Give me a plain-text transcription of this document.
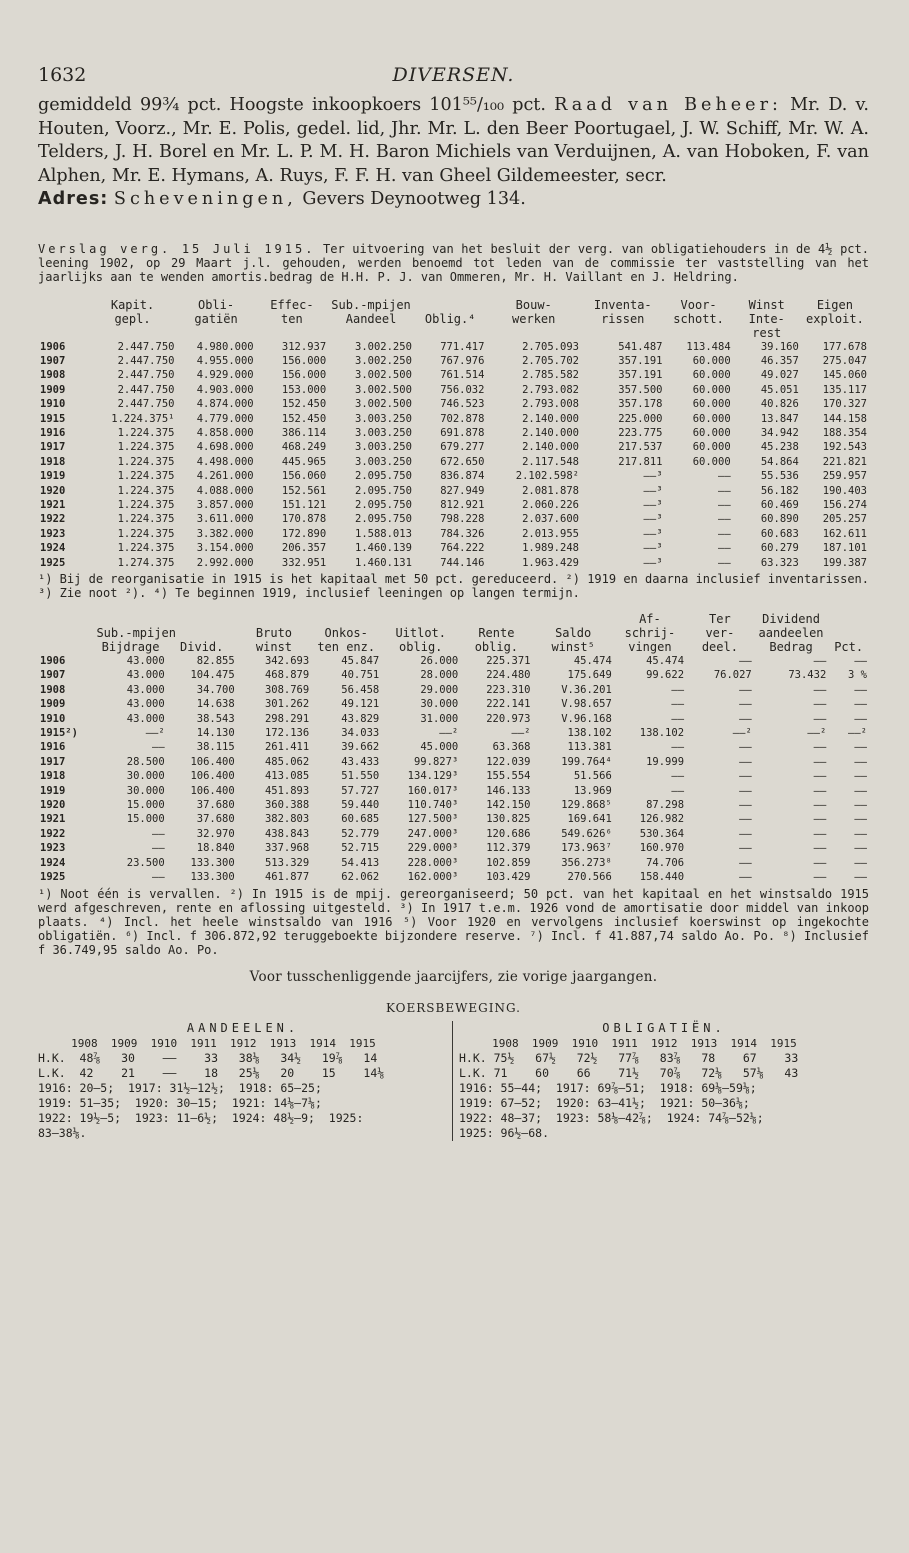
1632	DIVERSEN.

gemiddeld 99¾ pct. Hoogste inkoopkoers 101⁵⁵/₁₀₀ pct. Raad van Beheer: Mr. D. v. Houten, Voorz., Mr. E. Polis, gedel. lid, Jhr. Mr. L. den Beer Poortugael, J. W. Schiff, Mr. W. A. Telders, J. H. Borel en Mr. L. P. M. H. Baron Michiels van Verduijnen, A. van Hoboken, F. van Alphen, Mr. E. Hymans, A. Ruys, F. F. H. van Gheel Gildemeester, secr.

Adres: Scheveningen, Gevers Deynootweg 134.

Verslag verg. 15 Juli 1915. Ter uitvoering van het besluit der verg. van obligatiehouders in de 4½ pct. leening 1902, op 29 Maart j.l. gehouden, werden benoemd tot leden van de commissie ter vaststelling van het jaarlijks aan te wenden amortis.bedrag de H.H. P. J. van Ommeren, Mr. H. Vaillant en J. Heldring.
	Kapit.	Obli-	Effec-	Sub.-mpijen		Bouw-	Inventa-	Voor-	Winst	Eigen
	gepl.	gatiën	ten	Aandeel	Oblig.⁴	werken	rissen	schott.	Inte-	exploit.
									rest	
1906	2.447.750	4.980.000	312.937	3.002.250	771.417	2.705.093	541.487	113.484	39.160	177.678
1907	2.447.750	4.955.000	156.000	3.002.250	767.976	2.705.702	357.191	60.000	46.357	275.047
1908	2.447.750	4.929.000	156.000	3.002.500	761.514	2.785.582	357.191	60.000	49.027	145.060
1909	2.447.750	4.903.000	153.000	3.002.500	756.032	2.793.082	357.500	60.000	45.051	135.117
1910	2.447.750	4.874.000	152.450	3.002.500	746.523	2.793.008	357.178	60.000	40.826	170.327
1915	1.224.375¹	4.779.000	152.450	3.003.250	702.878	2.140.000	225.000	60.000	13.847	144.158
1916	1.224.375	4.858.000	386.114	3.003.250	691.878	2.140.000	223.775	60.000	34.942	188.354
1917	1.224.375	4.698.000	468.249	3.003.250	679.277	2.140.000	217.537	60.000	45.238	192.543
1918	1.224.375	4.498.000	445.965	3.003.250	672.650	2.117.548	217.811	60.000	54.864	221.821
1919	1.224.375	4.261.000	156.060	2.095.750	836.874	2.102.598²	——³	——	55.536	259.957
1920	1.224.375	4.088.000	152.561	2.095.750	827.949	2.081.878	——³	——	56.182	190.403
1921	1.224.375	3.857.000	151.121	2.095.750	812.921	2.060.226	——³	——	60.469	156.274
1922	1.224.375	3.611.000	170.878	2.095.750	798.228	2.037.600	——³	——	60.890	205.257
1923	1.224.375	3.382.000	172.890	1.588.013	784.326	2.013.955	——³	——	60.683	162.611
1924	1.224.375	3.154.000	206.357	1.460.139	764.222	1.989.248	——³	——	60.279	187.101
1925	1.274.375	2.992.000	332.951	1.460.131	744.146	1.963.429	——³	——	63.323	199.387

¹) Bij de reorganisatie in 1915 is het kapitaal met 50 pct. gereduceerd. ²) 1919 en daarna inclusief inventarissen. ³) Zie noot ²). ⁴) Te beginnen 1919, inclusief leeningen op langen termijn.

								Af-	Ter	Dividend	
	Sub.-mpijen		Bruto	Onkos-	Uitlot.	Rente	Saldo	schrij-	ver-	aandeelen	
	Bijdrage	Divid.	winst	ten enz.	oblig.	oblig.	winst⁵	vingen	deel.	Bedrag	Pct.
1906	43.000	82.855	342.693	45.847	26.000	225.371	45.474	45.474	——	——	——
1907	43.000	104.475	468.879	40.751	28.000	224.480	175.649	99.622	76.027	73.432	3 %
1908	43.000	34.700	308.769	56.458	29.000	223.310	V.36.201	——	——	——	——
1909	43.000	14.638	301.262	49.121	30.000	222.141	V.98.657	——	——	——	——
1910	43.000	38.543	298.291	43.829	31.000	220.973	V.96.168	——	——	——	——
1915²)	——²	14.130	172.136	34.033	——²	——²	138.102	138.102	——²	——²	——²
1916	——	38.115	261.411	39.662	45.000	63.368	113.381	——	——	——	——
1917	28.500	106.400	485.062	43.433	99.827³	122.039	199.764⁴	19.999	——	——	——
1918	30.000	106.400	413.085	51.550	134.129³	155.554	51.566	——	——	——	——
1919	30.000	106.400	451.893	57.727	160.017³	146.133	13.969	——	——	——	——
1920	15.000	37.680	360.388	59.440	110.740³	142.150	129.868⁵	87.298	——	——	——
1921	15.000	37.680	382.803	60.685	127.500³	130.825	169.641	126.982	——	——	——
1922	——	32.970	438.843	52.779	247.000³	120.686	549.626⁶	530.364	——	——	——
1923	——	18.840	337.968	52.715	229.000³	112.379	173.963⁷	160.970	——	——	——
1924	23.500	133.300	513.329	54.413	228.000³	102.859	356.273⁸	74.706	——	——	——
1925	——	133.300	461.877	62.062	162.000³	103.429	270.566	158.440	——	——	——

¹) Noot één is vervallen. ²) In 1915 is de mpij. gereorganiseerd; 50 pct. van het kapitaal en het winstsaldo 1915 werd afgeschreven, rente en aflossing uitgesteld. ³) In 1917 t.e.m. 1926 vond de amortisatie door middel van inkoop plaats. ⁴) Incl. het heele winstsaldo van 1916 ⁵) Voor 1920 en vervolgens inclusief koerswinst op ingekochte obligatiën. ⁶) Incl. f 306.872,92 teruggeboekte bijzondere reserve. ⁷) Incl. f 41.887,74 saldo Ao. Po. ⁸) Inclusief f 36.749,95 saldo Ao. Po.

Voor tusschenliggende jaarcijfers, zie vorige jaargangen.

KOERSBEWEGING.
AANDEELEN.
1908  1909  1910  1911  1912  1913  1914  1915
H.K.  48⅞   30    ——    33   38⅛   34½   19⅞   14
L.K.  42    21    ——    18   25⅛   20    15    14⅛
1916: 20—5;  1917: 31½—12½;  1918: 65—25;
1919: 51—35;  1920: 30—15;  1921: 14⅛—7⅛;
1922: 19½—5;  1923: 11—6½;  1924: 48½—9;  1925:
83—38⅛.
OBLIGATIËN.
1908  1909  1910  1911  1912  1913  1914  1915
H.K. 75½   67½   72½   77⅞   83⅞   78    67    33
L.K. 71    60    66    71½   70⅞   72⅛   57⅛   43
1916: 55—44;  1917: 69⅞—51;  1918: 69⅛—59⅛;
1919: 67—52;  1920: 63—41½;  1921: 50—36⅛;
1922: 48—37;  1923: 58⅛—42⅞;  1924: 74⅞—52⅛;
1925: 96½—68.
